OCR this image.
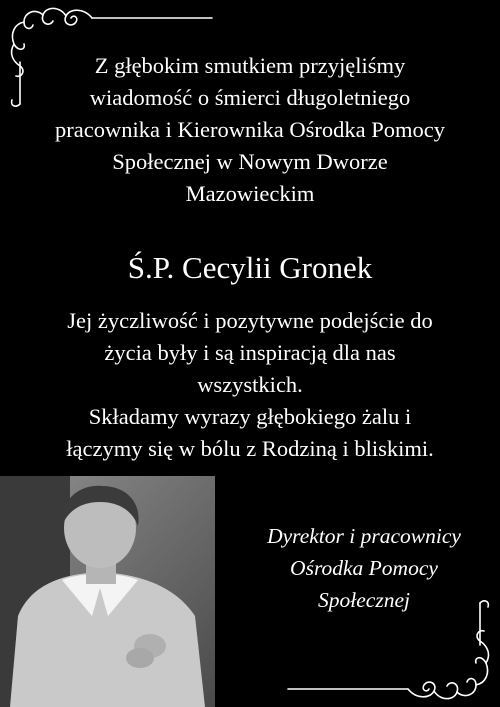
Z głębokim smutkiem przyjęliśmy
wiadomość o śmierci długoletniego
pracownika i Kierownika Ośrodka Pomocy
Społecznej w Nowym Dworze
Mazowieckim
Ś.P. Cecylii Gronek
Jej życzliwość i pozytywne podejście do
życia były i są inspiracją dla nas
wszystkich.
Składamy wyrazy głębokiego żalu i
łączymy się w bólu z Rodziną i bliskimi.
Dyrektor i pracownicy
Ośrodka Pomocy
Społecznej
